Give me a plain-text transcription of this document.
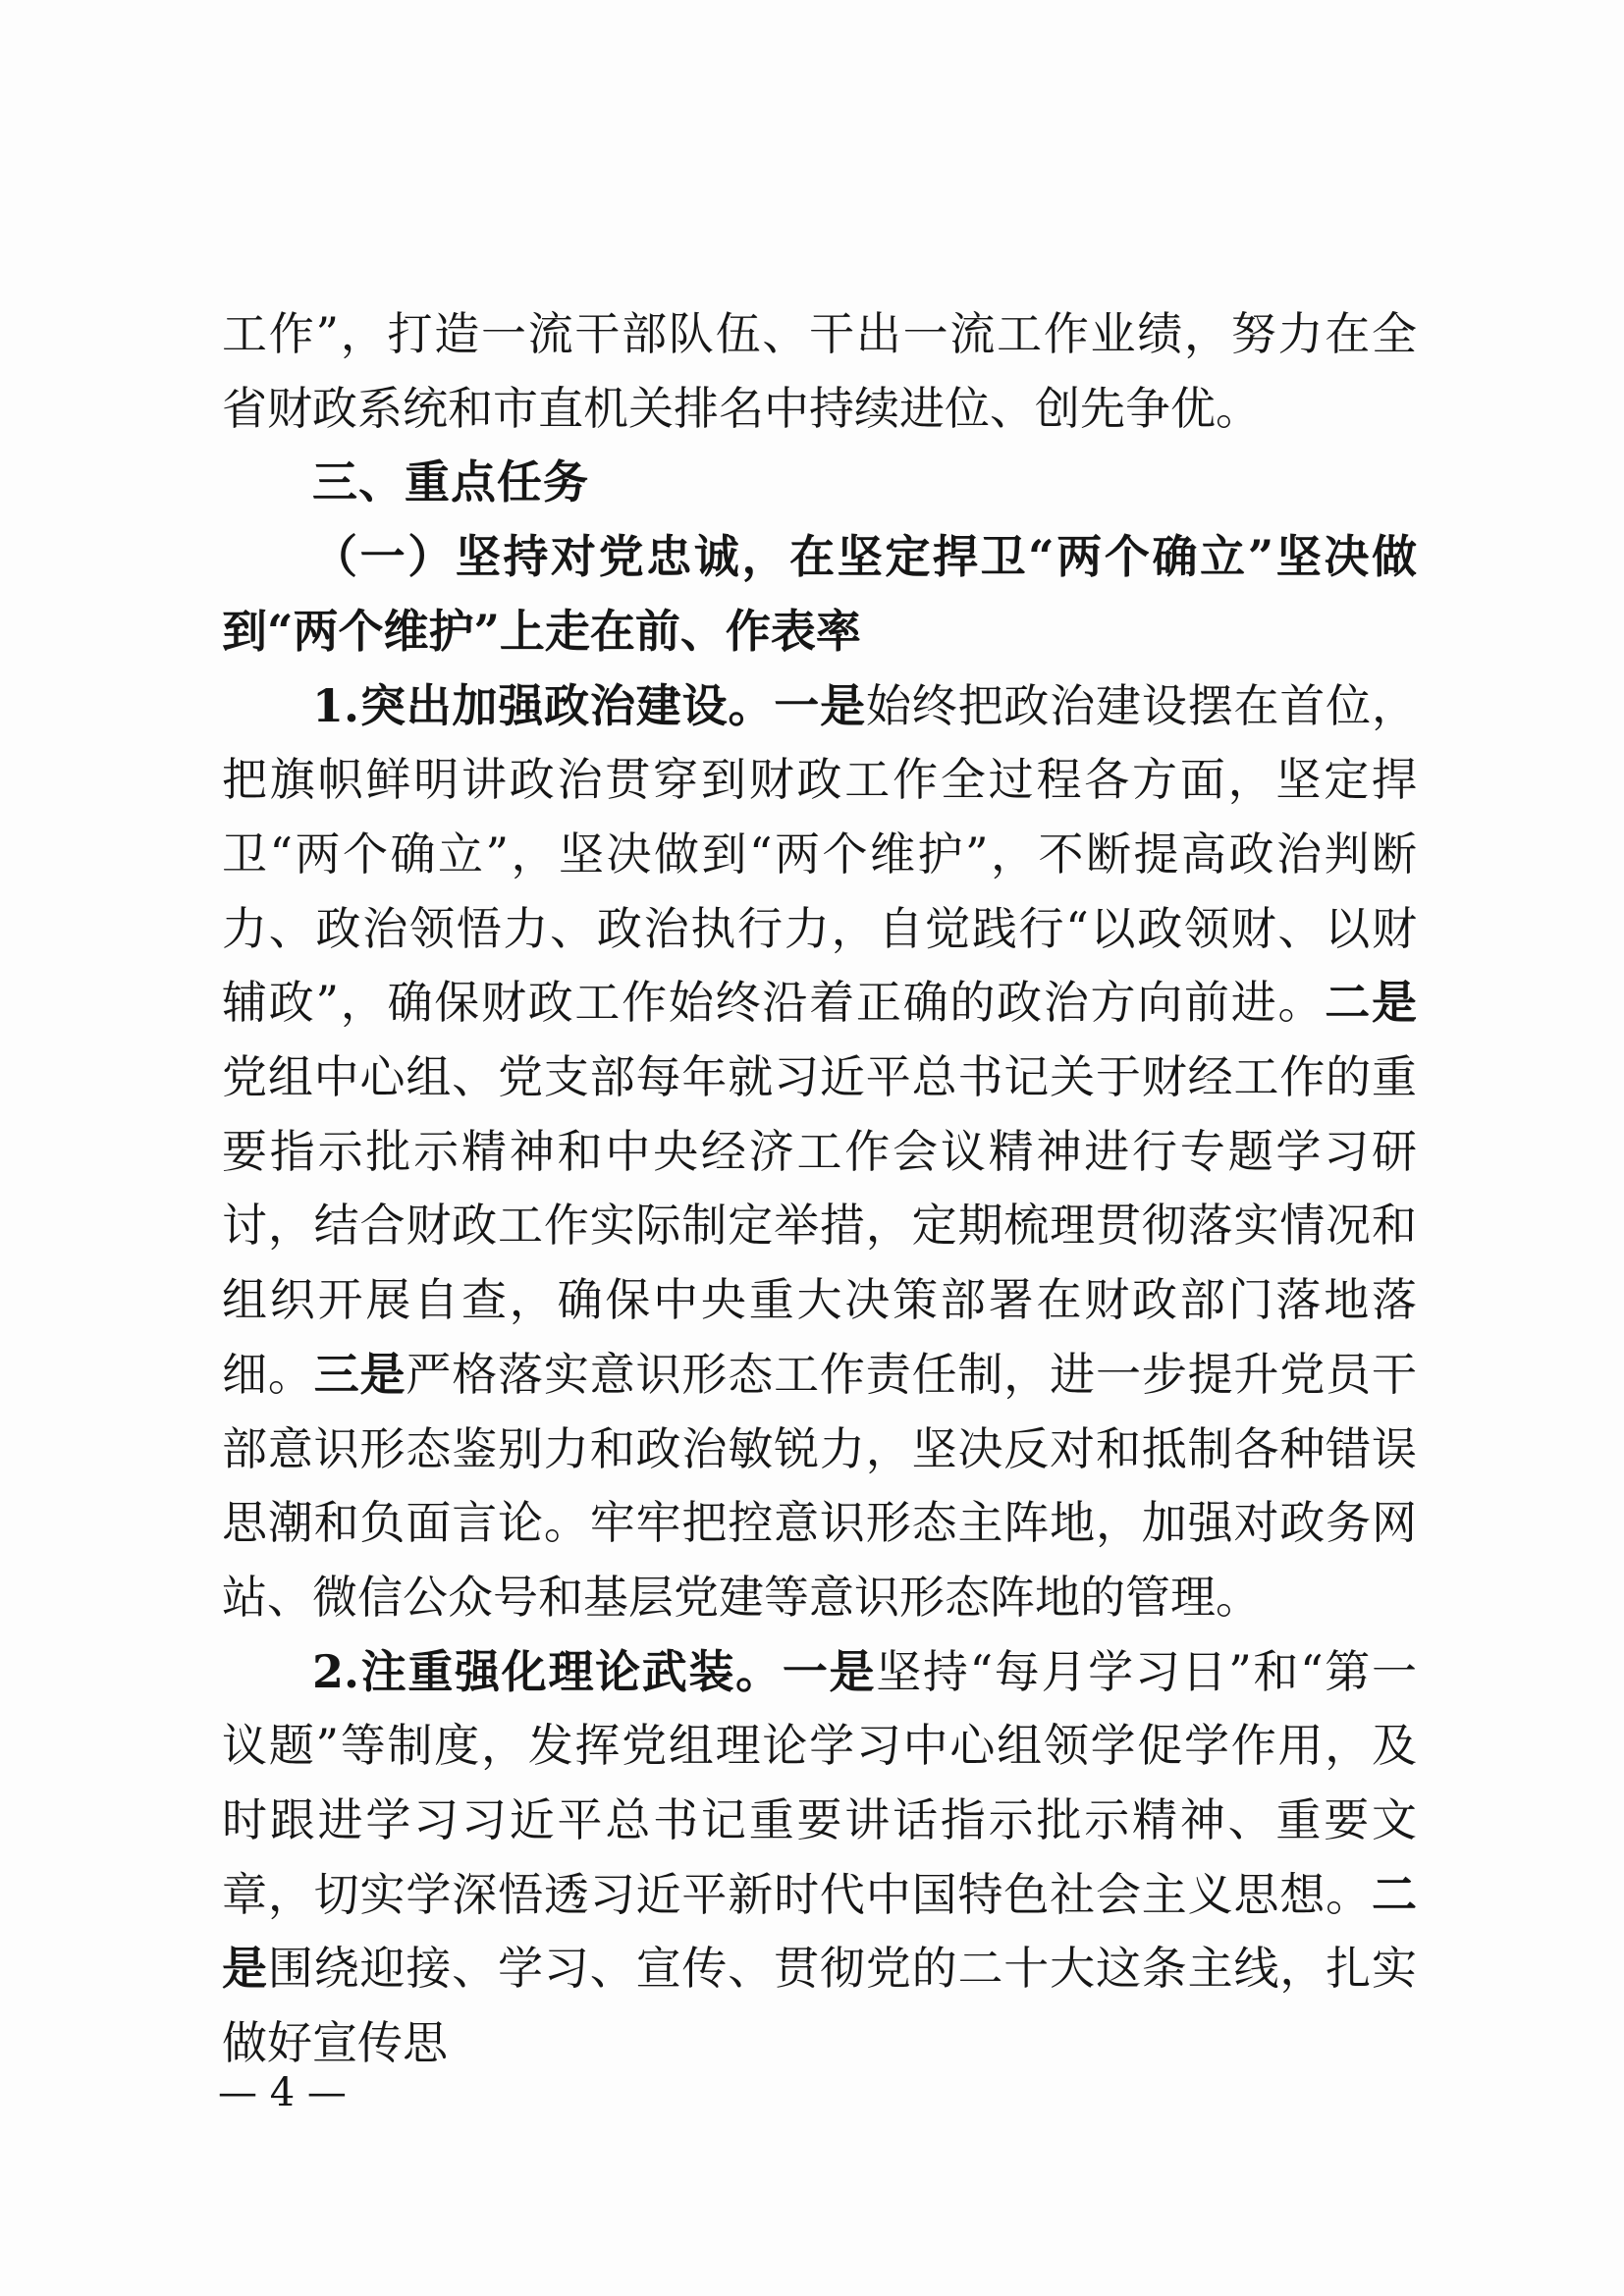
工作”，打造一流干部队伍、干出一流工作业绩，努力在全省财政系统和市直机关排名中持续进位、创先争优。

三、重点任务

（一）坚持对党忠诚，在坚定捍卫“两个确立”坚决做到“两个维护”上走在前、作表率

1.突出加强政治建设。一是始终把政治建设摆在首位，把旗帜鲜明讲政治贯穿到财政工作全过程各方面，坚定捍卫“两个确立”，坚决做到“两个维护”，不断提高政治判断力、政治领悟力、政治执行力，自觉践行“以政领财、以财辅政”，确保财政工作始终沿着正确的政治方向前进。二是党组中心组、党支部每年就习近平总书记关于财经工作的重要指示批示精神和中央经济工作会议精神进行专题学习研讨，结合财政工作实际制定举措，定期梳理贯彻落实情况和组织开展自查，确保中央重大决策部署在财政部门落地落细。三是严格落实意识形态工作责任制，进一步提升党员干部意识形态鉴别力和政治敏锐力，坚决反对和抵制各种错误思潮和负面言论。牢牢把控意识形态主阵地，加强对政务网站、微信公众号和基层党建等意识形态阵地的管理。

2.注重强化理论武装。一是坚持“每月学习日”和“第一议题”等制度，发挥党组理论学习中心组领学促学作用，及时跟进学习习近平总书记重要讲话指示批示精神、重要文章，切实学深悟透习近平新时代中国特色社会主义思想。二是围绕迎接、学习、宣传、贯彻党的二十大这条主线，扎实做好宣传思

— 4 —
